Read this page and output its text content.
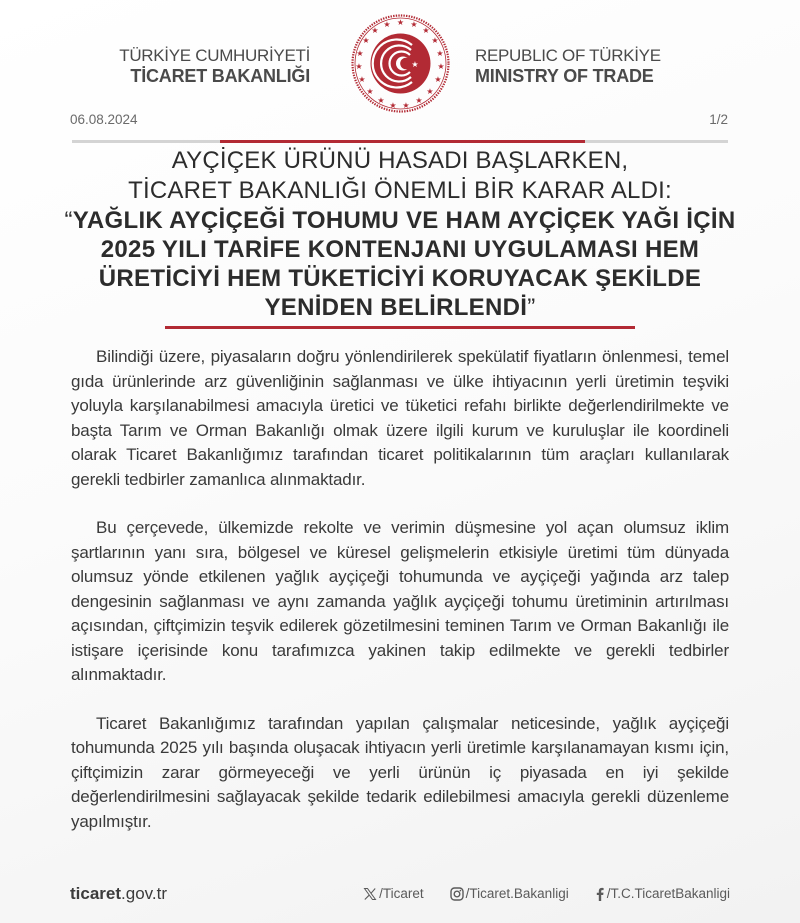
TÜRKİYE CUMHURİYETİ
TİCARET BAKANLIĞI
★ ★
★
★
★
★
★
★
★
★
★
★
★
★
★
★
★
★
★
★	REPUBLIC OF TÜRKİYE
MINISTRY OF TRADE
06.08.2024	1/2
AYÇİÇEK ÜRÜNÜ HASADI BAŞLARKEN,
TİCARET BAKANLIĞI ÖNEMLİ BİR KARAR ALDI:
“YAĞLIK AYÇİÇEĞİ TOHUMU VE HAM AYÇİÇEK YAĞI İÇİN
2025 YILI TARİFE KONTENJANI UYGULAMASI HEM
ÜRETİCİYİ HEM TÜKETİCİYİ KORUYACAK ŞEKİLDE
YENİDEN BELİRLENDİ”

Bilindiği üzere, piyasaların doğru yönlendirilerek spekülatif fiyatların önlenmesi, temel gıda ürünlerinde arz güvenliğinin sağlanması ve ülke ihtiyacının yerli üretimin teşviki yoluyla karşılanabilmesi amacıyla üretici ve tüketici refahı birlikte değerlendirilmekte ve başta Tarım ve Orman Bakanlığı olmak üzere ilgili kurum ve kuruluşlar ile koordineli olarak Ticaret Bakanlığımız tarafından ticaret politikalarının tüm araçları kullanılarak gerekli tedbirler zamanlıca alınmaktadır.

Bu çerçevede, ülkemizde rekolte ve verimin düşmesine yol açan olumsuz iklim şartlarının yanı sıra, bölgesel ve küresel gelişmelerin etkisiyle üretimi tüm dünyada olumsuz yönde etkilenen yağlık ayçiçeği tohumunda ve ayçiçeği yağında arz talep dengesinin sağlanması ve aynı zamanda yağlık ayçiçeği tohumu üretiminin artırılması açısından, çiftçimizin teşvik edilerek gözetilmesini teminen Tarım ve Orman Bakanlığı ile istişare içerisinde konu tarafımızca yakinen takip edilmekte ve gerekli tedbirler alınmaktadır.

Ticaret Bakanlığımız tarafından yapılan çalışmalar neticesinde, yağlık ayçiçeği tohumunda 2025 yılı başında oluşacak ihtiyacın yerli üretimle karşılanamayan kısmı için, çiftçimizin zarar görmeyeceği ve yerli ürünün iç piyasada en iyi şekilde değerlendirilmesini sağlayacak şekilde tedarik edilebilmesi amacıyla gerekli düzenleme yapılmıştır.

ticaret.gov.tr	/Ticaret	/Ticaret.Bakanligi	/T.C.TicaretBakanligi
